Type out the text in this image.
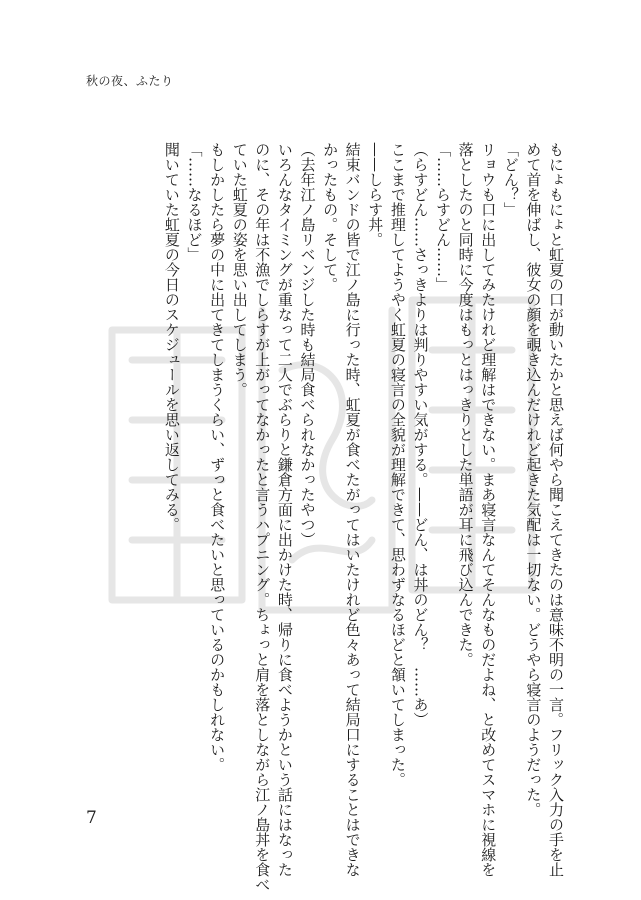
秋の夜、ふたり
もにょもにょと虹夏の口が動いたかと思えば何やら聞こえてきたのは意味不明の一言。フリック入力の手を止
めて首を伸ばし、彼女の顔を覗き込んだけれど起きた気配は一切ない。どうやら寝言のようだった。
「どん？」
リョウも口に出してみたけれど理解はできない。まあ寝言なんてそんなものだよね、と改めてスマホに視線を
落としたのと同時に今度はもっとはっきりとした単語が耳に飛び込んできた。
「……らすどん……」
（らすどん……さっきよりは判りやすい気がする。——どん、は丼のどん？　……あ）
ここまで推理してようやく虹夏の寝言の全貌が理解できて、思わずなるほどと頷いてしまった。
——しらす丼。
結束バンドの皆で江ノ島に行った時、虹夏が食べたがってはいたけれど色々あって結局口にすることはできな
かったもの。そして。
（去年江ノ島リベンジした時も結局食べられなかったやつ）
いろんなタイミングが重なって二人でぶらりと鎌倉方面に出かけた時、帰りに食べようかという話にはなった
のに、その年は不漁でしらすが上がってなかったと言うハプニング。ちょっと肩を落としながら江ノ島丼を食べ
ていた虹夏の姿を思い出してしまう。
もしかしたら夢の中に出てきてしまうくらい、ずっと食べたいと思っているのかもしれない。
「……なるほど」
聞いていた虹夏の今日のスケジュールを思い返してみる。
7
